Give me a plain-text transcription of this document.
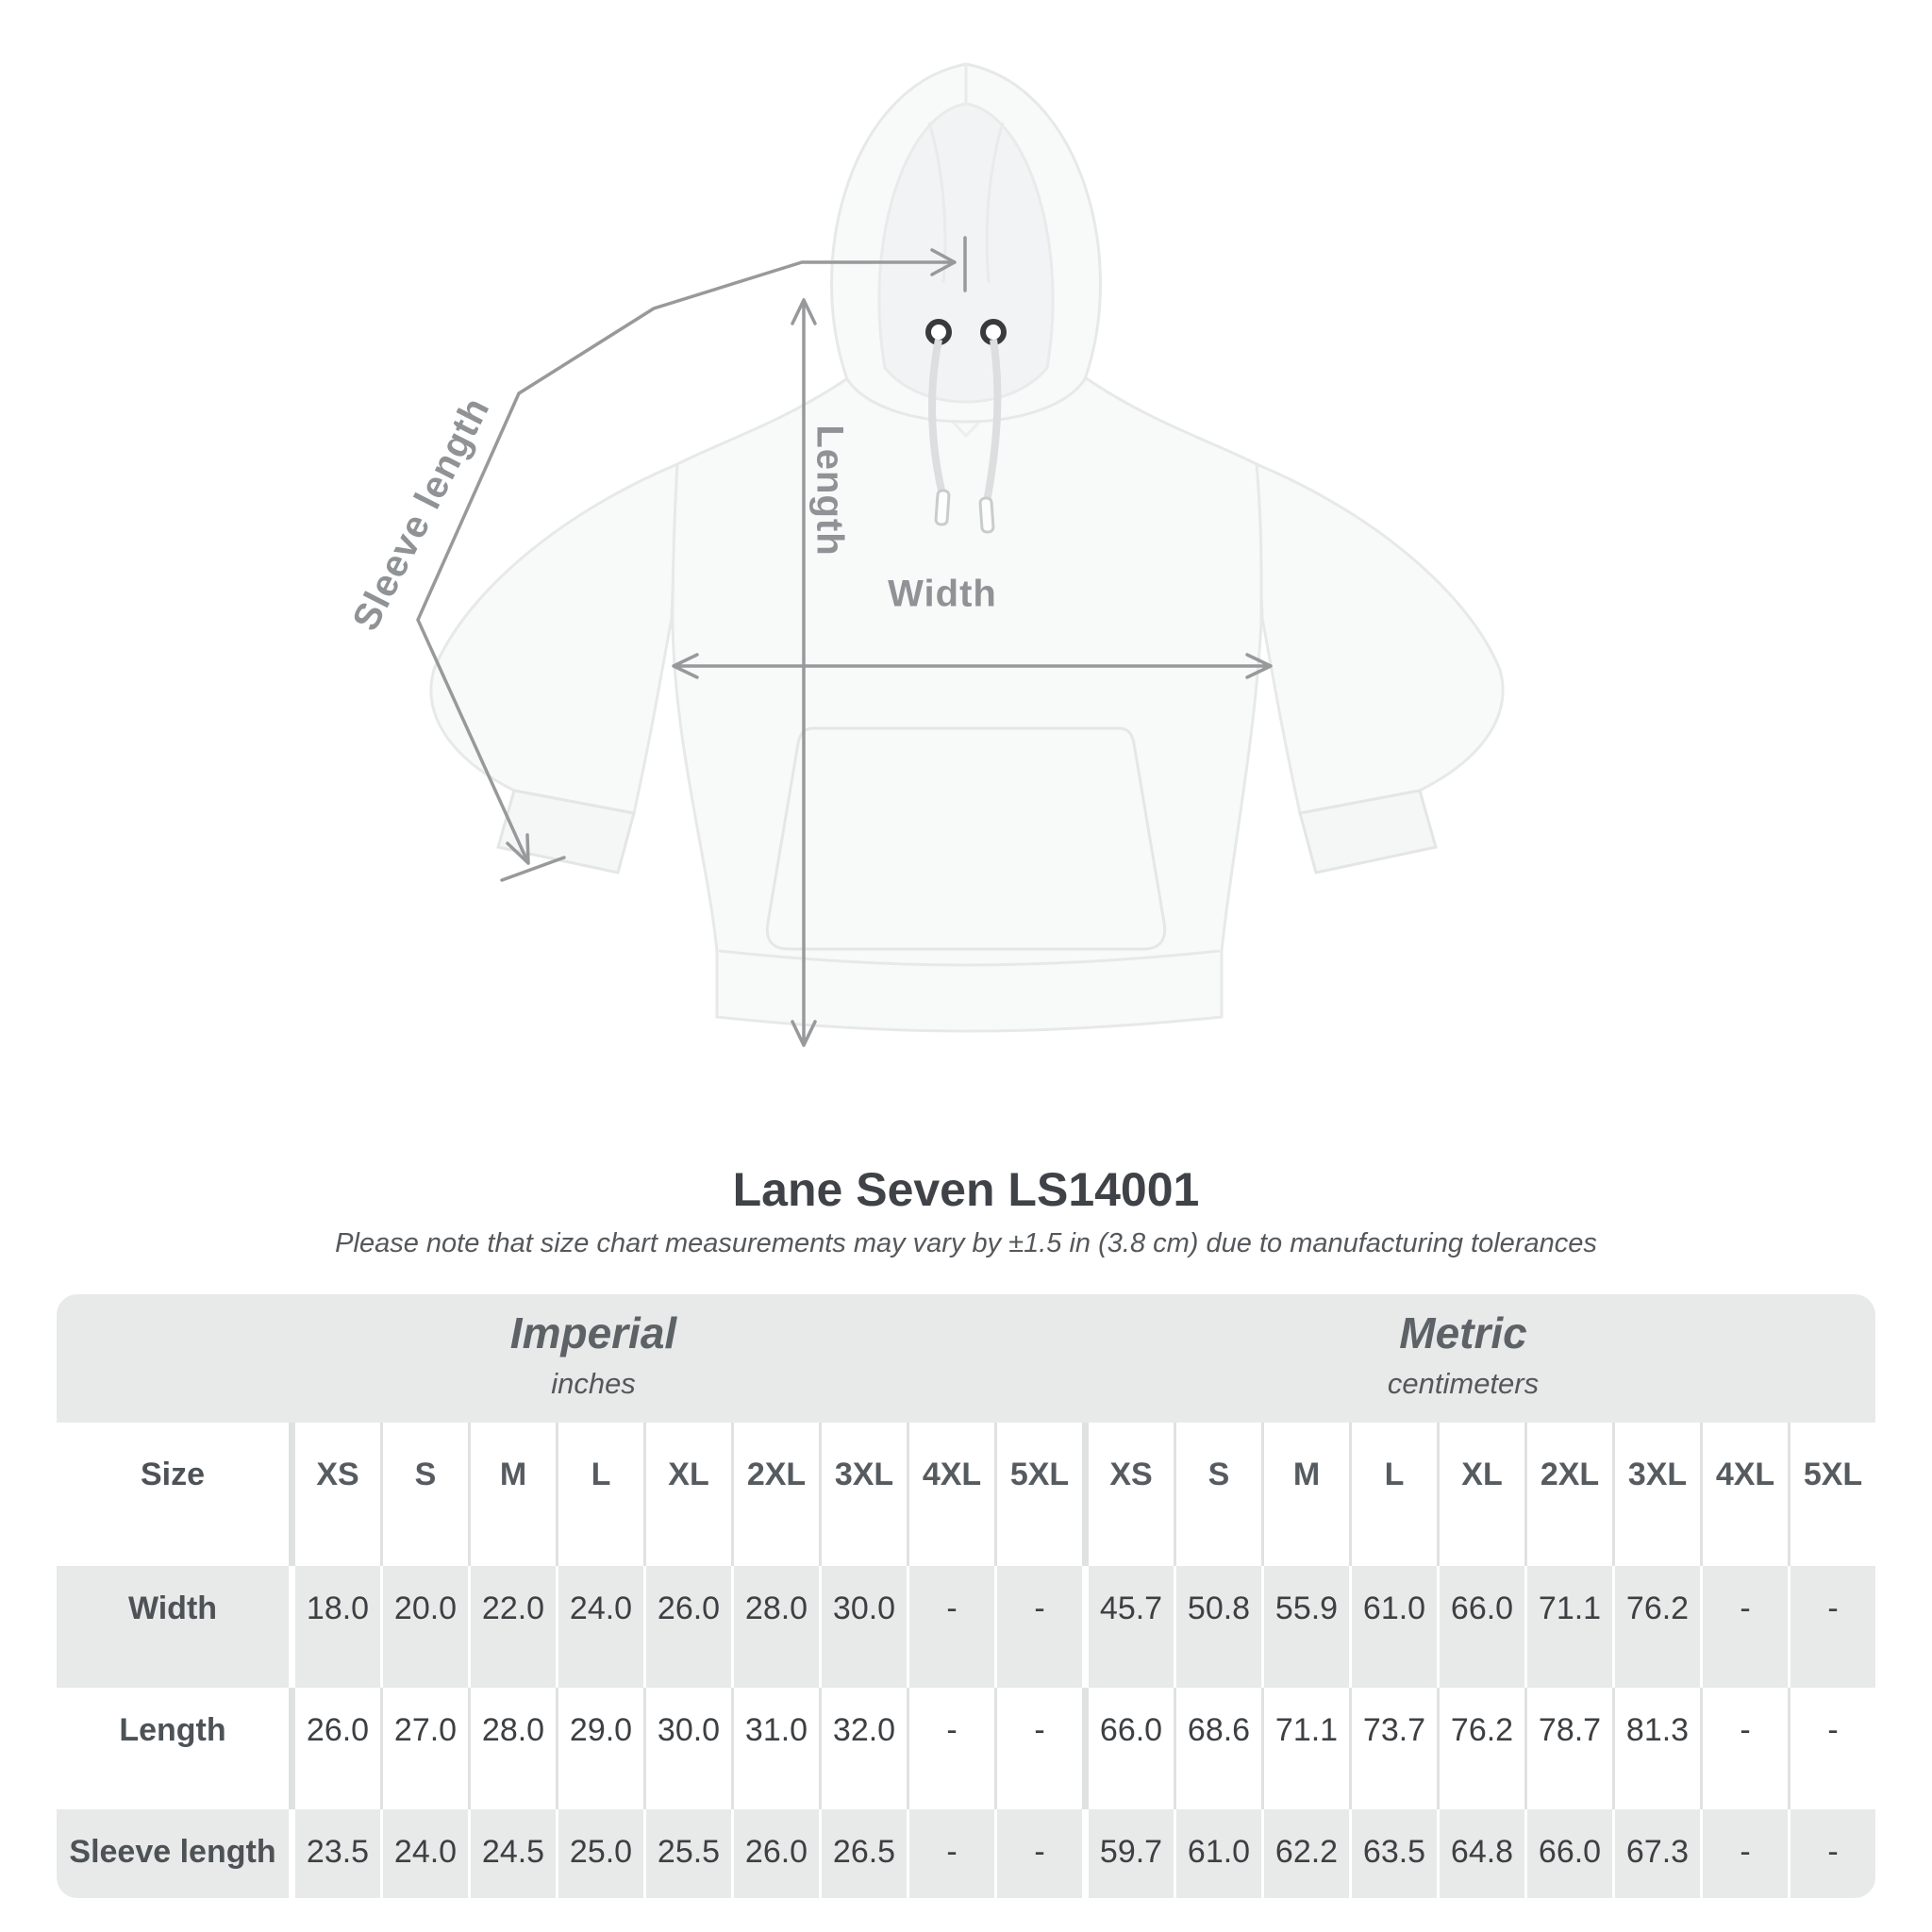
Sleeve length	Length
Width
Lane Seven LS14001
Please note that size chart measurements may vary by ±1.5 in (3.8 cm) due to manufacturing tolerances
Imperial
inches
Metric
centimeters
Size	XS	S	M	L	XL	2XL 3XL 4XL 5XL	XS	S	M	L	XL	2XL 3XL 4XL 5XL
Width	18.0 20.0 22.0 24.0 26.0 28.0 30.0	-	-	45.7 50.8 55.9 61.0 66.0 71.1 76.2	-	-
Length	26.0 27.0 28.0 29.0 30.0 31.0 32.0	-	-	66.0 68.6 71.1 73.7 76.2 78.7 81.3	-	-
Sleeve length 23.5 24.0 24.5 25.0 25.5 26.0 26.5	-	-	59.7 61.0 62.2 63.5 64.8 66.0 67.3	-	-
